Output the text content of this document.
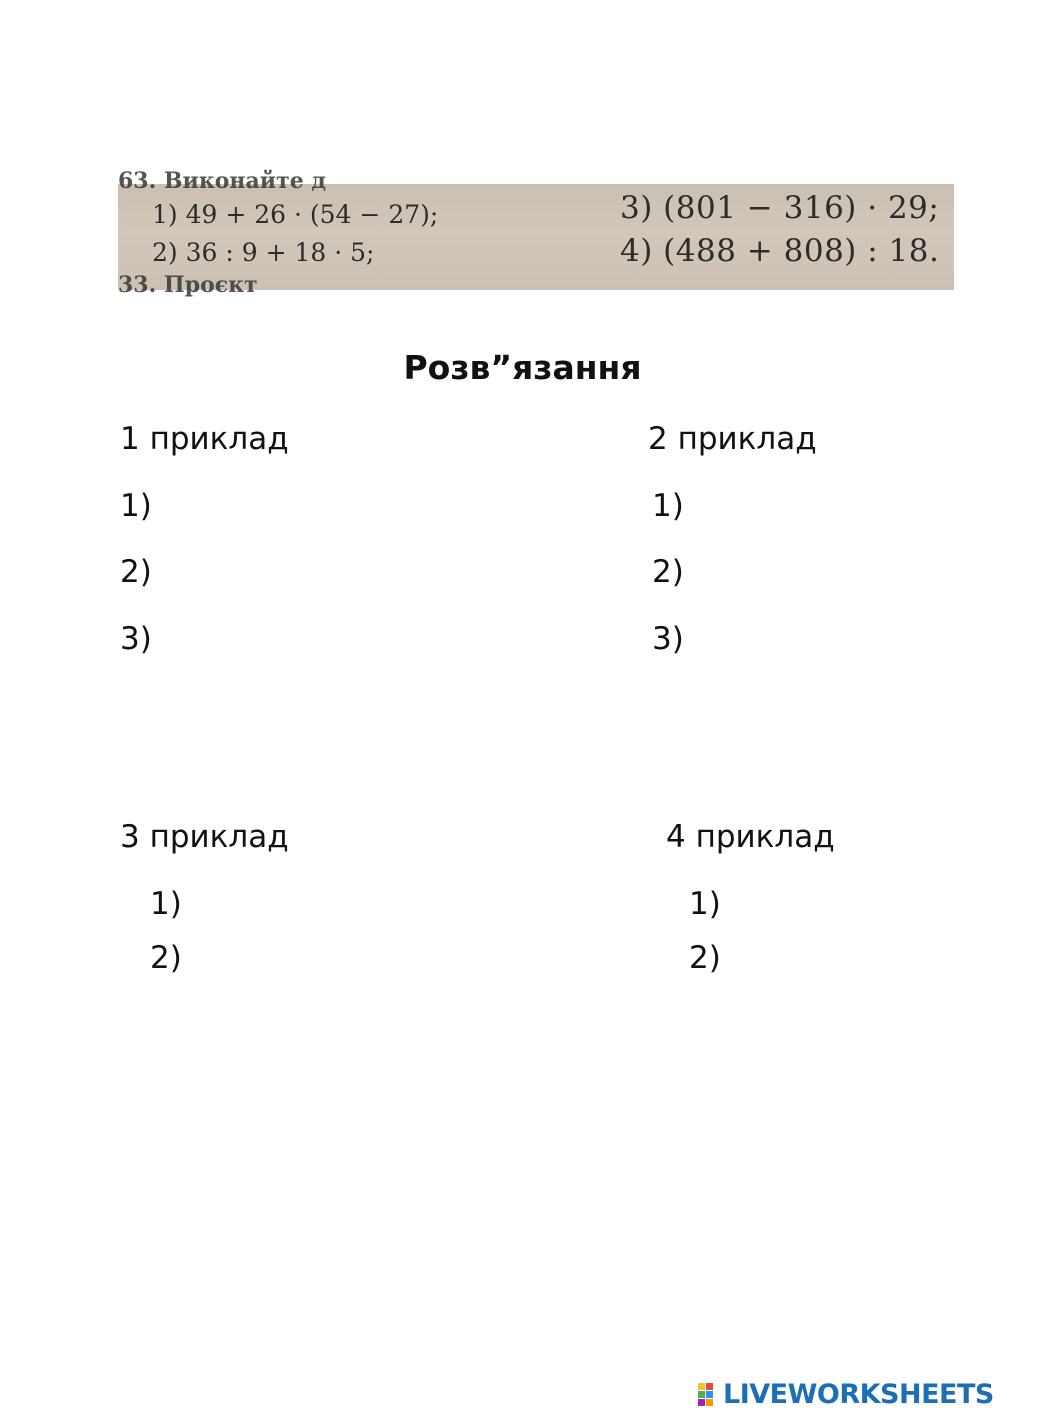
63. Виконайте д
1) 49 + 26 · (54 − 27);
2) 36 : 9 + 18 · 5;
3) (801 − 316) · 29;
4) (488 + 808) : 18.
33. Проєкт
Розв”язання
1 приклад
1)
2)
3)
2 приклад
1)
2)
3)
3 приклад
1)
2)
4 приклад
1)
2)
LIVEWORKSHEETS
